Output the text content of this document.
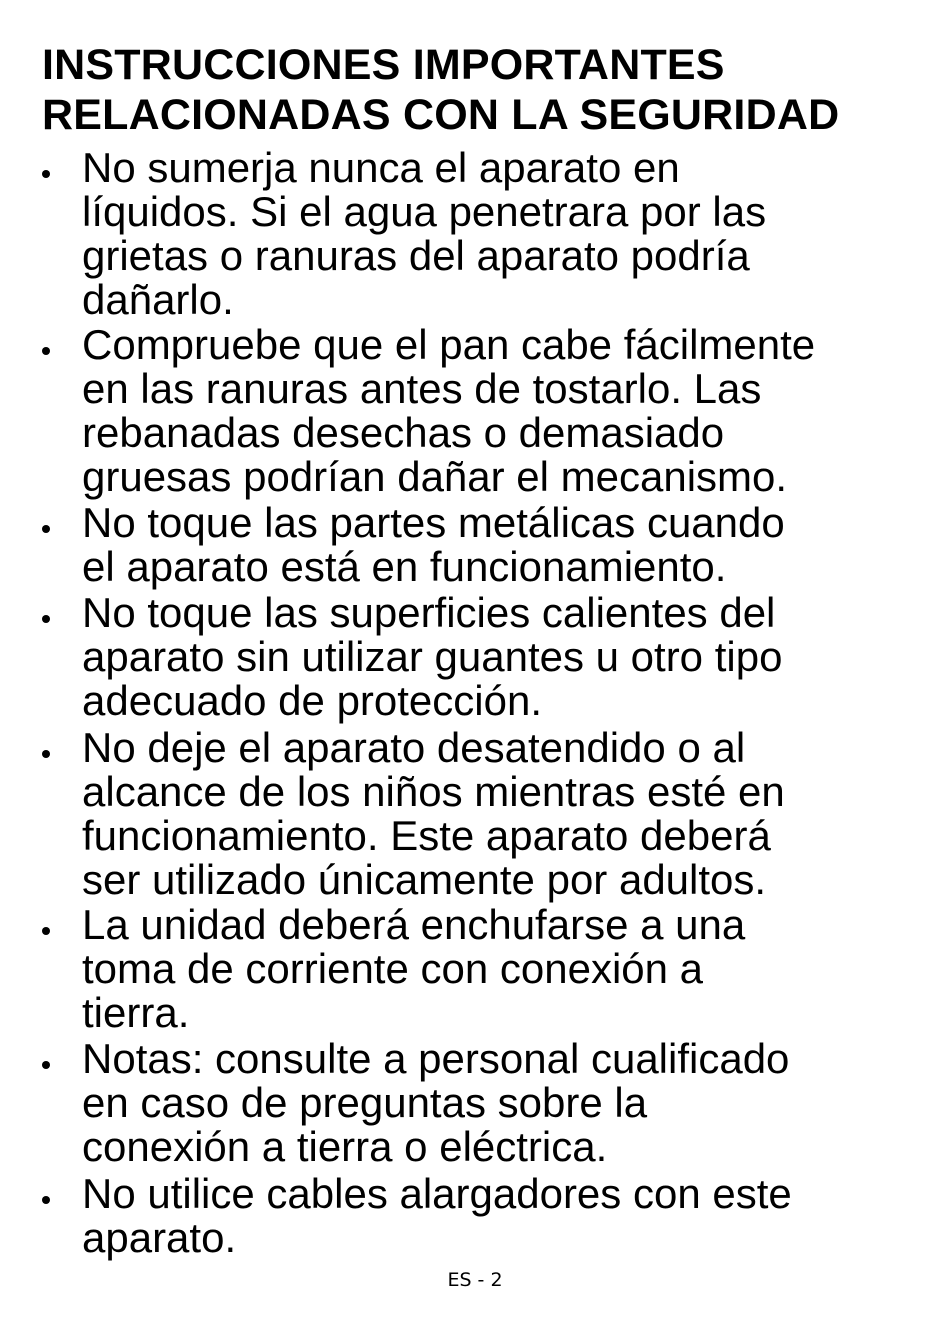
INSTRUCCIONES IMPORTANTES
RELACIONADAS CON LA SEGURIDAD

No sumerja nunca el aparato en
líquidos. Si el agua penetrara por las
grietas o ranuras del aparato podría
dañarlo.

Compruebe que el pan cabe fácilmente
en las ranuras antes de tostarlo. Las
rebanadas desechas o demasiado
gruesas podrían dañar el mecanismo.

No toque las partes metálicas cuando
el aparato está en funcionamiento.

No toque las superficies calientes del
aparato sin utilizar guantes u otro tipo
adecuado de protección.

No deje el aparato desatendido o al
alcance de los niños mientras esté en
funcionamiento. Este aparato deberá
ser utilizado únicamente por adultos.

La unidad deberá enchufarse a una
toma de corriente con conexión a
tierra.

Notas: consulte a personal cualificado
en caso de preguntas sobre la
conexión a tierra o eléctrica.

No utilice cables alargadores con este
aparato.

ES - 2
